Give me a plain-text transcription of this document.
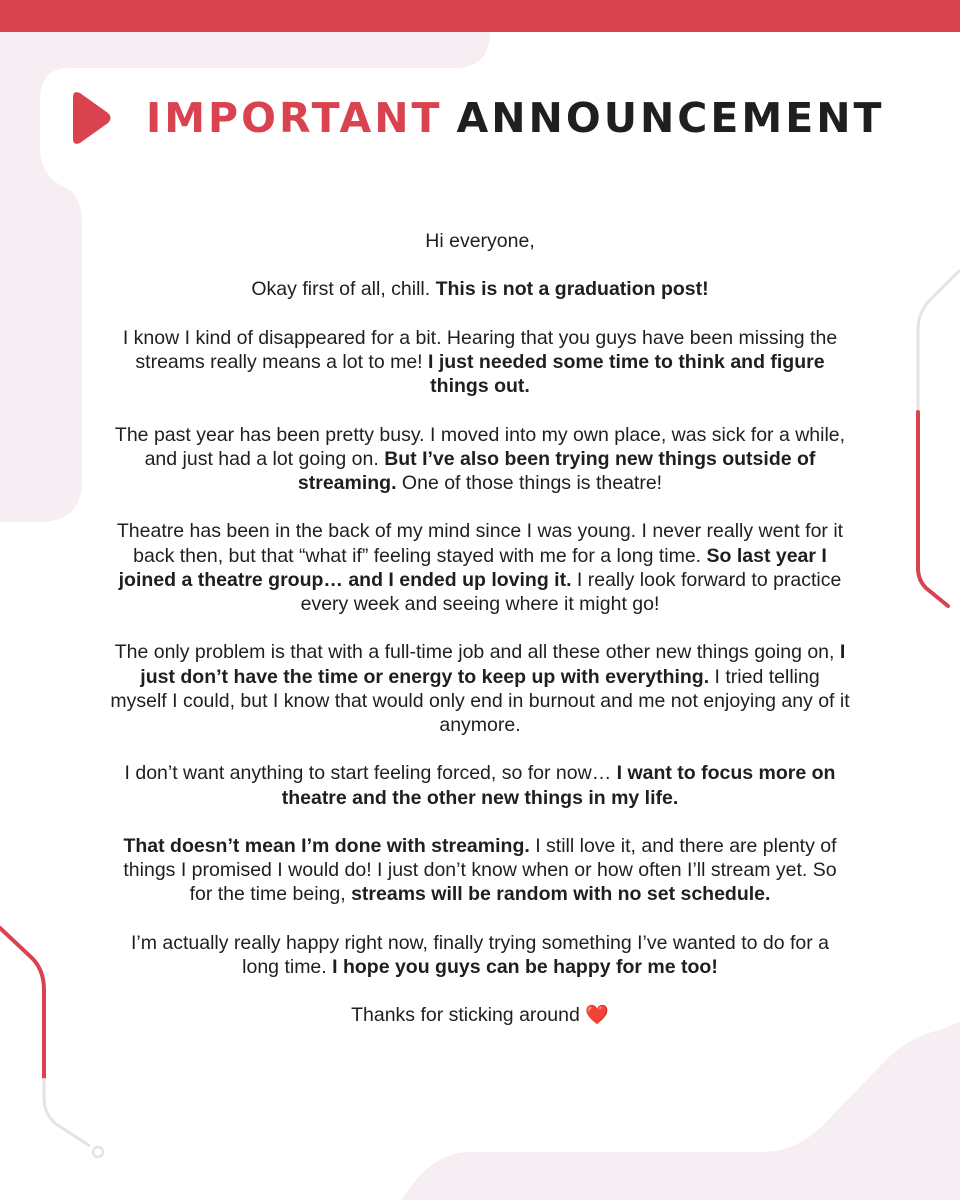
IMPORTANT ANNOUNCEMENT

Hi everyone,

Okay first of all, chill. This is not a graduation post!

I know I kind of disappeared for a bit. Hearing that you guys have been missing the streams really means a lot to me! I just needed some time to think and figure things out.

The past year has been pretty busy. I moved into my own place, was sick for a while, and just had a lot going on. But I’ve also been trying new things outside of streaming. One of those things is theatre!

Theatre has been in the back of my mind since I was young. I never really went for it back then, but that “what if” feeling stayed with me for a long time. So last year I joined a theatre group… and I ended up loving it. I really look forward to practice every week and seeing where it might go!

The only problem is that with a full-time job and all these other new things going on, I just don’t have the time or energy to keep up with everything. I tried telling myself I could, but I know that would only end in burnout and me not enjoying any of it anymore.

I don’t want anything to start feeling forced, so for now… I want to focus more on theatre and the other new things in my life.

That doesn’t mean I’m done with streaming. I still love it, and there are plenty of things I promised I would do! I just don’t know when or how often I’ll stream yet. So for the time being, streams will be random with no set schedule.

I’m actually really happy right now, finally trying something I’ve wanted to do for a long time. I hope you guys can be happy for me too!

Thanks for sticking around ❤️
